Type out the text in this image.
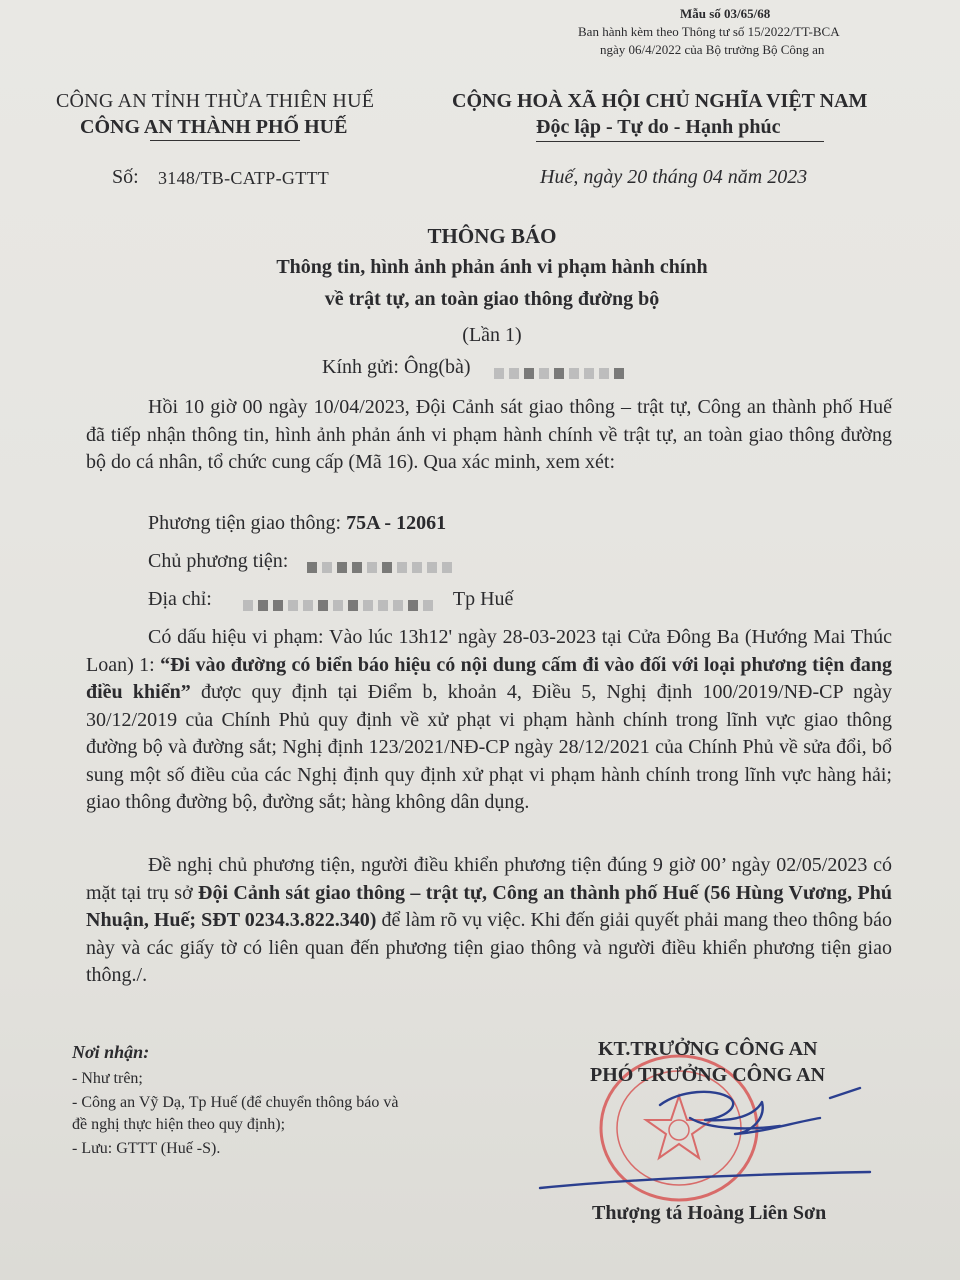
Mẫu số 03/65/68
Ban hành kèm theo Thông tư số 15/2022/TT-BCA
ngày 06/4/2022 của Bộ trưởng Bộ Công an
CÔNG AN TỈNH THỪA THIÊN HUẾ
CÔNG AN THÀNH PHỐ HUẾ
CỘNG HOÀ XÃ HỘI CHỦ NGHĨA VIỆT NAM
Độc lập - Tự do - Hạnh phúc
Số: 3148/TB-CATP-GTTT	Huế, ngày 20 tháng 04 năm 2023
THÔNG BÁO
Thông tin, hình ảnh phản ánh vi phạm hành chính
về trật tự, an toàn giao thông đường bộ
(Lần 1)
Kính gửi: Ông(bà)
Hồi 10 giờ 00 ngày 10/04/2023, Đội Cảnh sát giao thông – trật tự, Công an thành phố Huế đã tiếp nhận thông tin, hình ảnh phản ánh vi phạm hành chính về trật tự, an toàn giao thông đường bộ do cá nhân, tổ chức cung cấp (Mã 16). Qua xác minh, xem xét:
Phương tiện giao thông: 75A - 12061
Chủ phương tiện:
Địa chỉ:	Tp Huế
Có dấu hiệu vi phạm: Vào lúc 13h12' ngày 28-03-2023 tại Cửa Đông Ba (Hướng Mai Thúc Loan) 1: “Đi vào đường có biển báo hiệu có nội dung cấm đi vào đối với loại phương tiện đang điều khiển” được quy định tại Điểm b, khoản 4, Điều 5, Nghị định 100/2019/NĐ-CP ngày 30/12/2019 của Chính Phủ quy định về xử phạt vi phạm hành chính trong lĩnh vực giao thông đường bộ và đường sắt; Nghị định 123/2021/NĐ-CP ngày 28/12/2021 của Chính Phủ về sửa đổi, bổ sung một số điều của các Nghị định quy định xử phạt vi phạm hành chính trong lĩnh vực hàng hải; giao thông đường bộ, đường sắt; hàng không dân dụng.
Đề nghị chủ phương tiện, người điều khiển phương tiện đúng 9 giờ 00’ ngày 02/05/2023 có mặt tại trụ sở Đội Cảnh sát giao thông – trật tự, Công an thành phố Huế (56 Hùng Vương, Phú Nhuận, Huế; SĐT 0234.3.822.340) để làm rõ vụ việc. Khi đến giải quyết phải mang theo thông báo này và các giấy tờ có liên quan đến phương tiện giao thông và người điều khiển phương tiện giao thông./.
Nơi nhận:
- Như trên;
- Công an Vỹ Dạ, Tp Huế (để chuyển thông báo và
đề nghị thực hiện theo quy định);
- Lưu: GTTT (Huế -S).
KT.TRƯỞNG CÔNG AN
PHÓ TRƯỞNG CÔNG AN
Thượng tá Hoàng Liên Sơn
